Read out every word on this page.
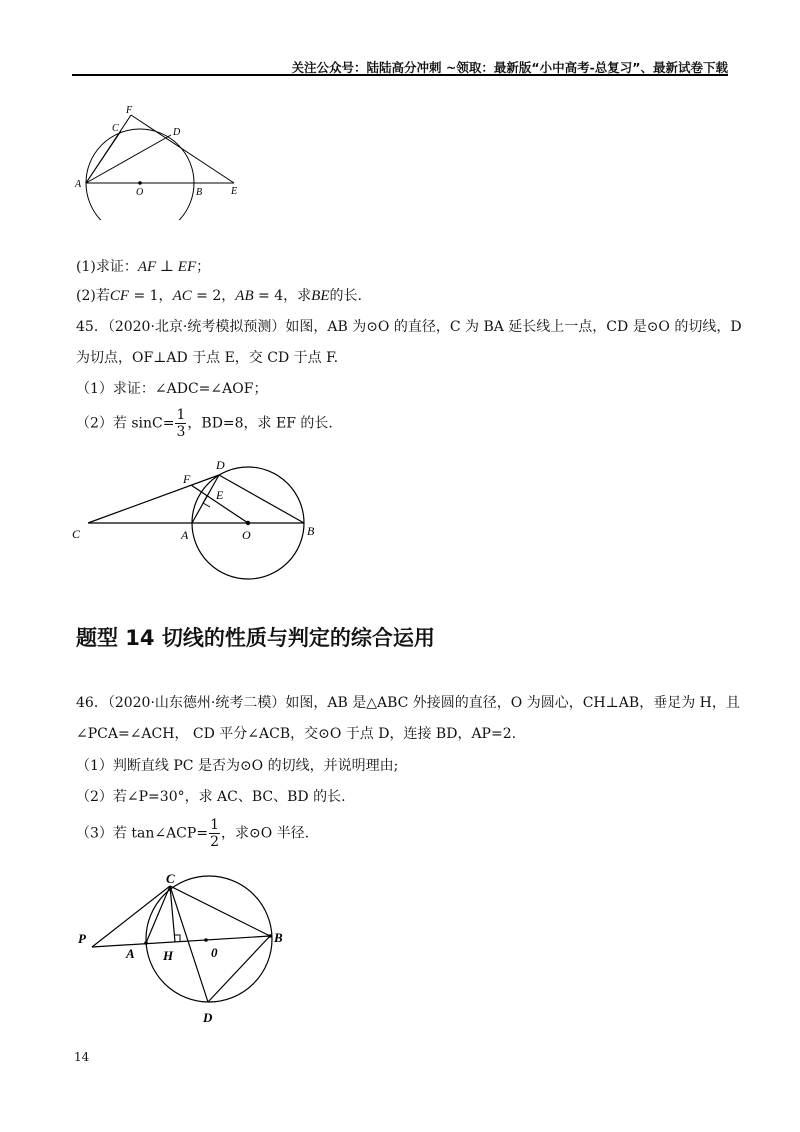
关注公众号：陆陆高分冲刺 ~领取：最新版“小中高考-总复习”、最新试卷下载
F
C	D
A
O	B	E
(1)求证：AF ⊥ EF；
(2)若CF = 1，AC = 2，AB = 4，求BE的长.
45．（2020·北京·统考模拟预测）如图，AB 为⊙O 的直径，C 为 BA 延长线上一点，CD 是⊙O 的切线，D
为切点，OF⊥AD 于点 E，交 CD 于点 F.
（1）求证：∠ADC=∠AOF；
（2）若 $\sin C= \frac{1}{3}$ ，BD=8，求 EF 的长.
D
F
E
C	A	O	B
题型 14 切线的性质与判定的综合运用
46．（2020·山东德州·统考二模）如图，AB 是△ABC 外接圆的直径，O 为圆心，CH⊥AB，垂足为 H，且
∠PCA=∠ACH， CD 平分∠ACB，交⊙O 于点 D，连接 BD，AP=2.
（1）判断直线 PC 是否为⊙O 的切线，并说明理由;
（2）若∠P=30°，求 AC、BC、BD 的长.
（3）若 tan∠ACP= $\frac{1}{2}$ ，求⊙O 半径.
C
P
A H	0
B
D
14
